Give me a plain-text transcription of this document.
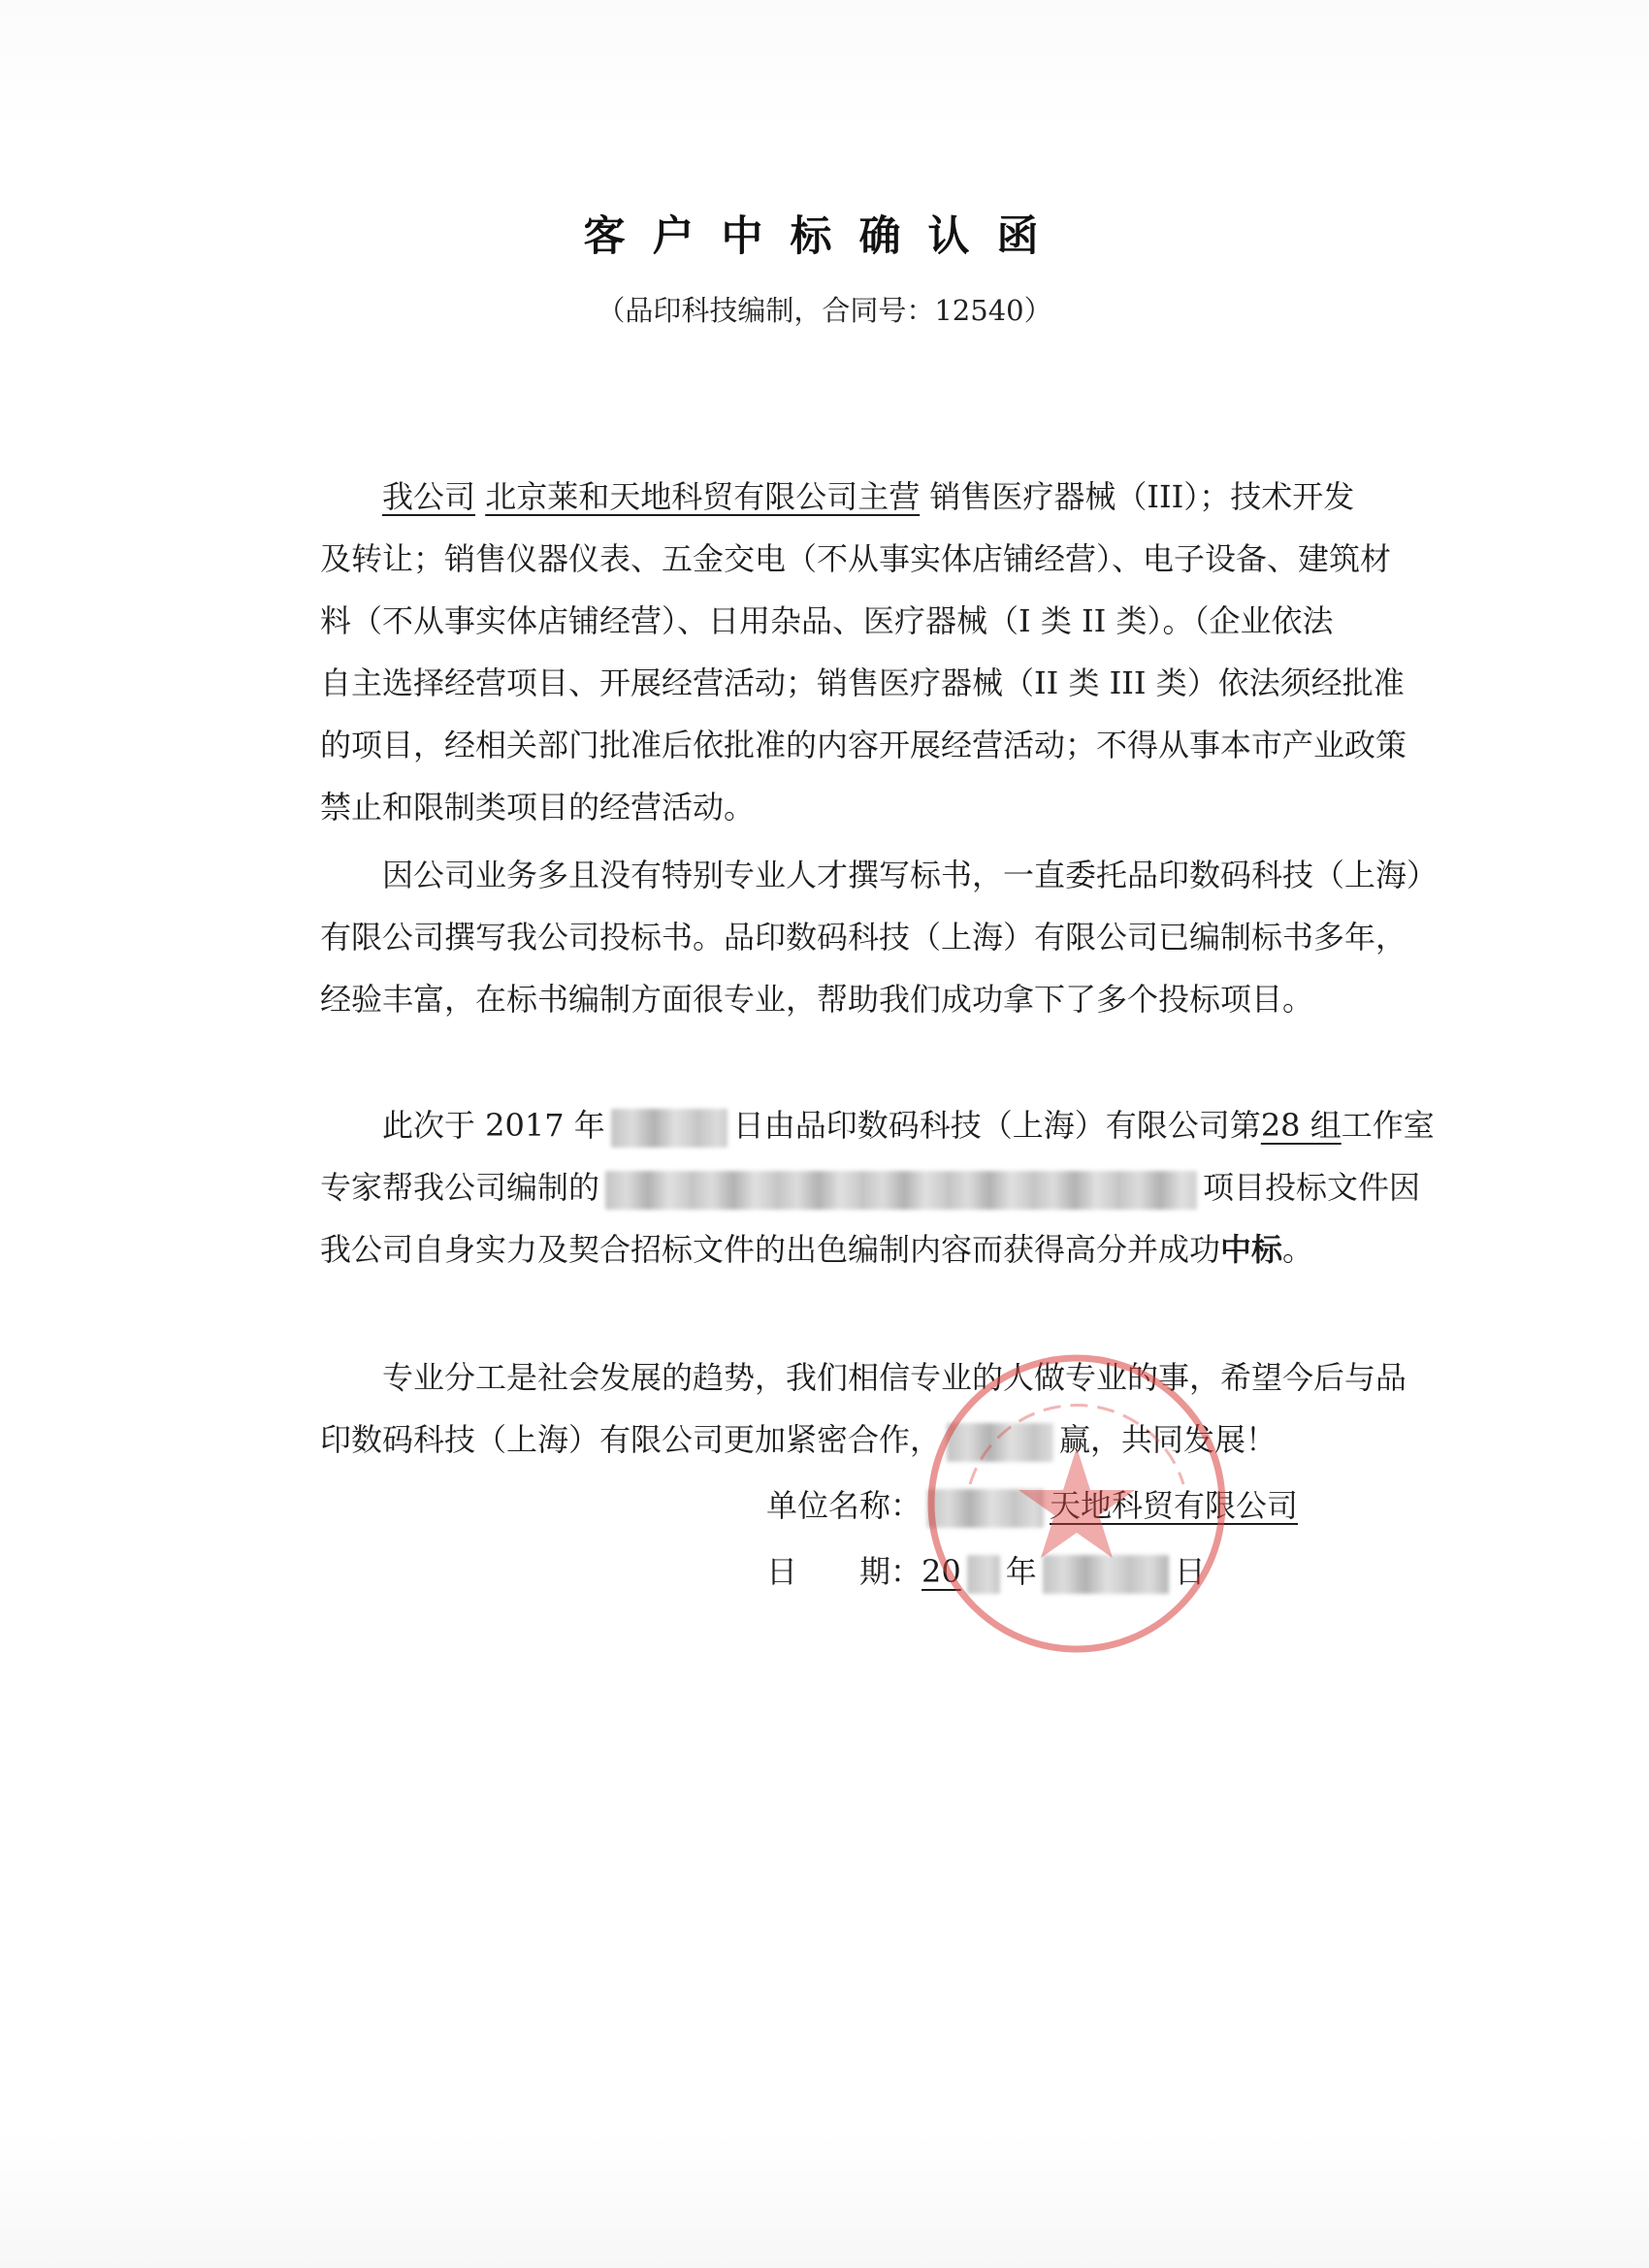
客户中标确认函
（品印科技编制，合同号：12540）
我公司 北京莱和天地科贸有限公司主营 销售医疗器械（III）；技术开发
及转让；销售仪器仪表、五金交电（不从事实体店铺经营）、电子设备、建筑材
料（不从事实体店铺经营）、日用杂品、医疗器械（I 类 II 类）。（企业依法
自主选择经营项目、开展经营活动；销售医疗器械（II 类 III 类）依法须经批准
的项目，经相关部门批准后依批准的内容开展经营活动；不得从事本市产业政策
禁止和限制类项目的经营活动。
因公司业务多且没有特别专业人才撰写标书，一直委托品印数码科技（上海）
有限公司撰写我公司投标书。品印数码科技（上海）有限公司已编制标书多年，
经验丰富，在标书编制方面很专业，帮助我们成功拿下了多个投标项目。
此次于 2017 年	日由品印数码科技（上海）有限公司第28 组工作室
专家帮我公司编制的	项目投标文件因
我公司自身实力及契合招标文件的出色编制内容而获得高分并成功中标。
专业分工是社会发展的趋势，我们相信专业的人做专业的事，希望今后与品
印数码科技（上海）有限公司更加紧密合作，	赢，共同发展！
单位名称：	天地科贸有限公司
日　　期：20 年	日
